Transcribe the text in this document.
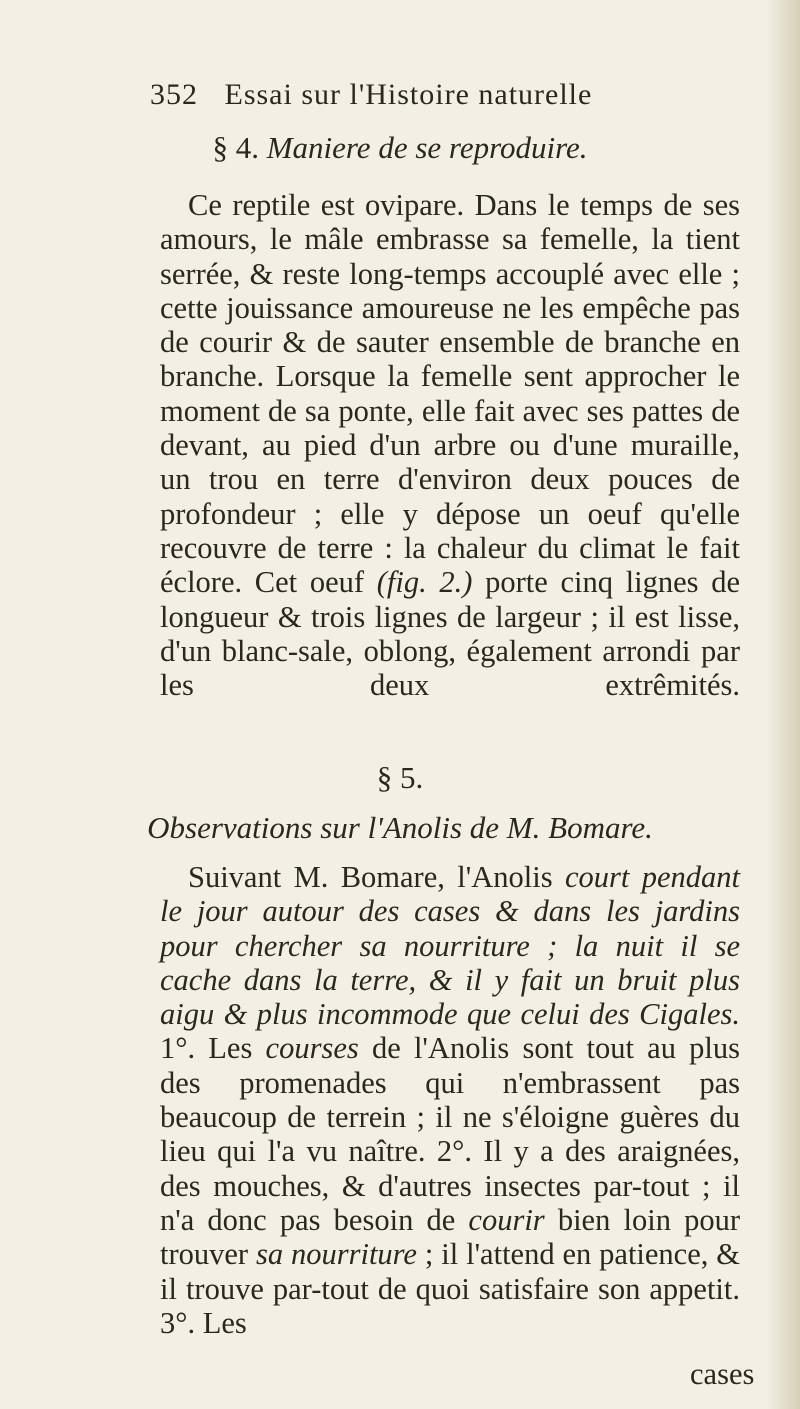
352 Essai sur l'Histoire naturelle
§ 4. Maniere de se reproduire.
Ce reptile est ovipare. Dans le temps de ses amours, le mâle embrasse sa femelle, la tient serrée, & reste long-temps accouplé avec elle ; cette jouissance amoureuse ne les empêche pas de courir & de sauter ensemble de branche en branche. Lorsque la femelle sent approcher le moment de sa ponte, elle fait avec ses pattes de devant, au pied d'un arbre ou d'une muraille, un trou en terre d'environ deux pouces de profondeur ; elle y dépose un oeuf qu'elle recouvre de terre : la chaleur du climat le fait éclore. Cet oeuf (fig. 2.) porte cinq lignes de longueur & trois lignes de largeur ; il est lisse, d'un blanc-sale, oblong, également arrondi par les deux extrêmités.
§ 5.
Observations sur l'Anolis de M. Bomare.
Suivant M. Bomare, l'Anolis court pendant le jour autour des cases & dans les jardins pour chercher sa nourriture ; la nuit il se cache dans la terre, & il y fait un bruit plus aigu & plus incommode que celui des Cigales. 1°. Les courses de l'Anolis sont tout au plus des promenades qui n'embrassent pas beaucoup de terrein ; il ne s'éloigne guères du lieu qui l'a vu naître. 2°. Il y a des araignées, des mouches, & d'autres insectes par-tout ; il n'a donc pas besoin de courir bien loin pour trouver sa nourriture ; il l'attend en patience, & il trouve par-tout de quoi satisfaire son appetit. 3°. Les
cases
